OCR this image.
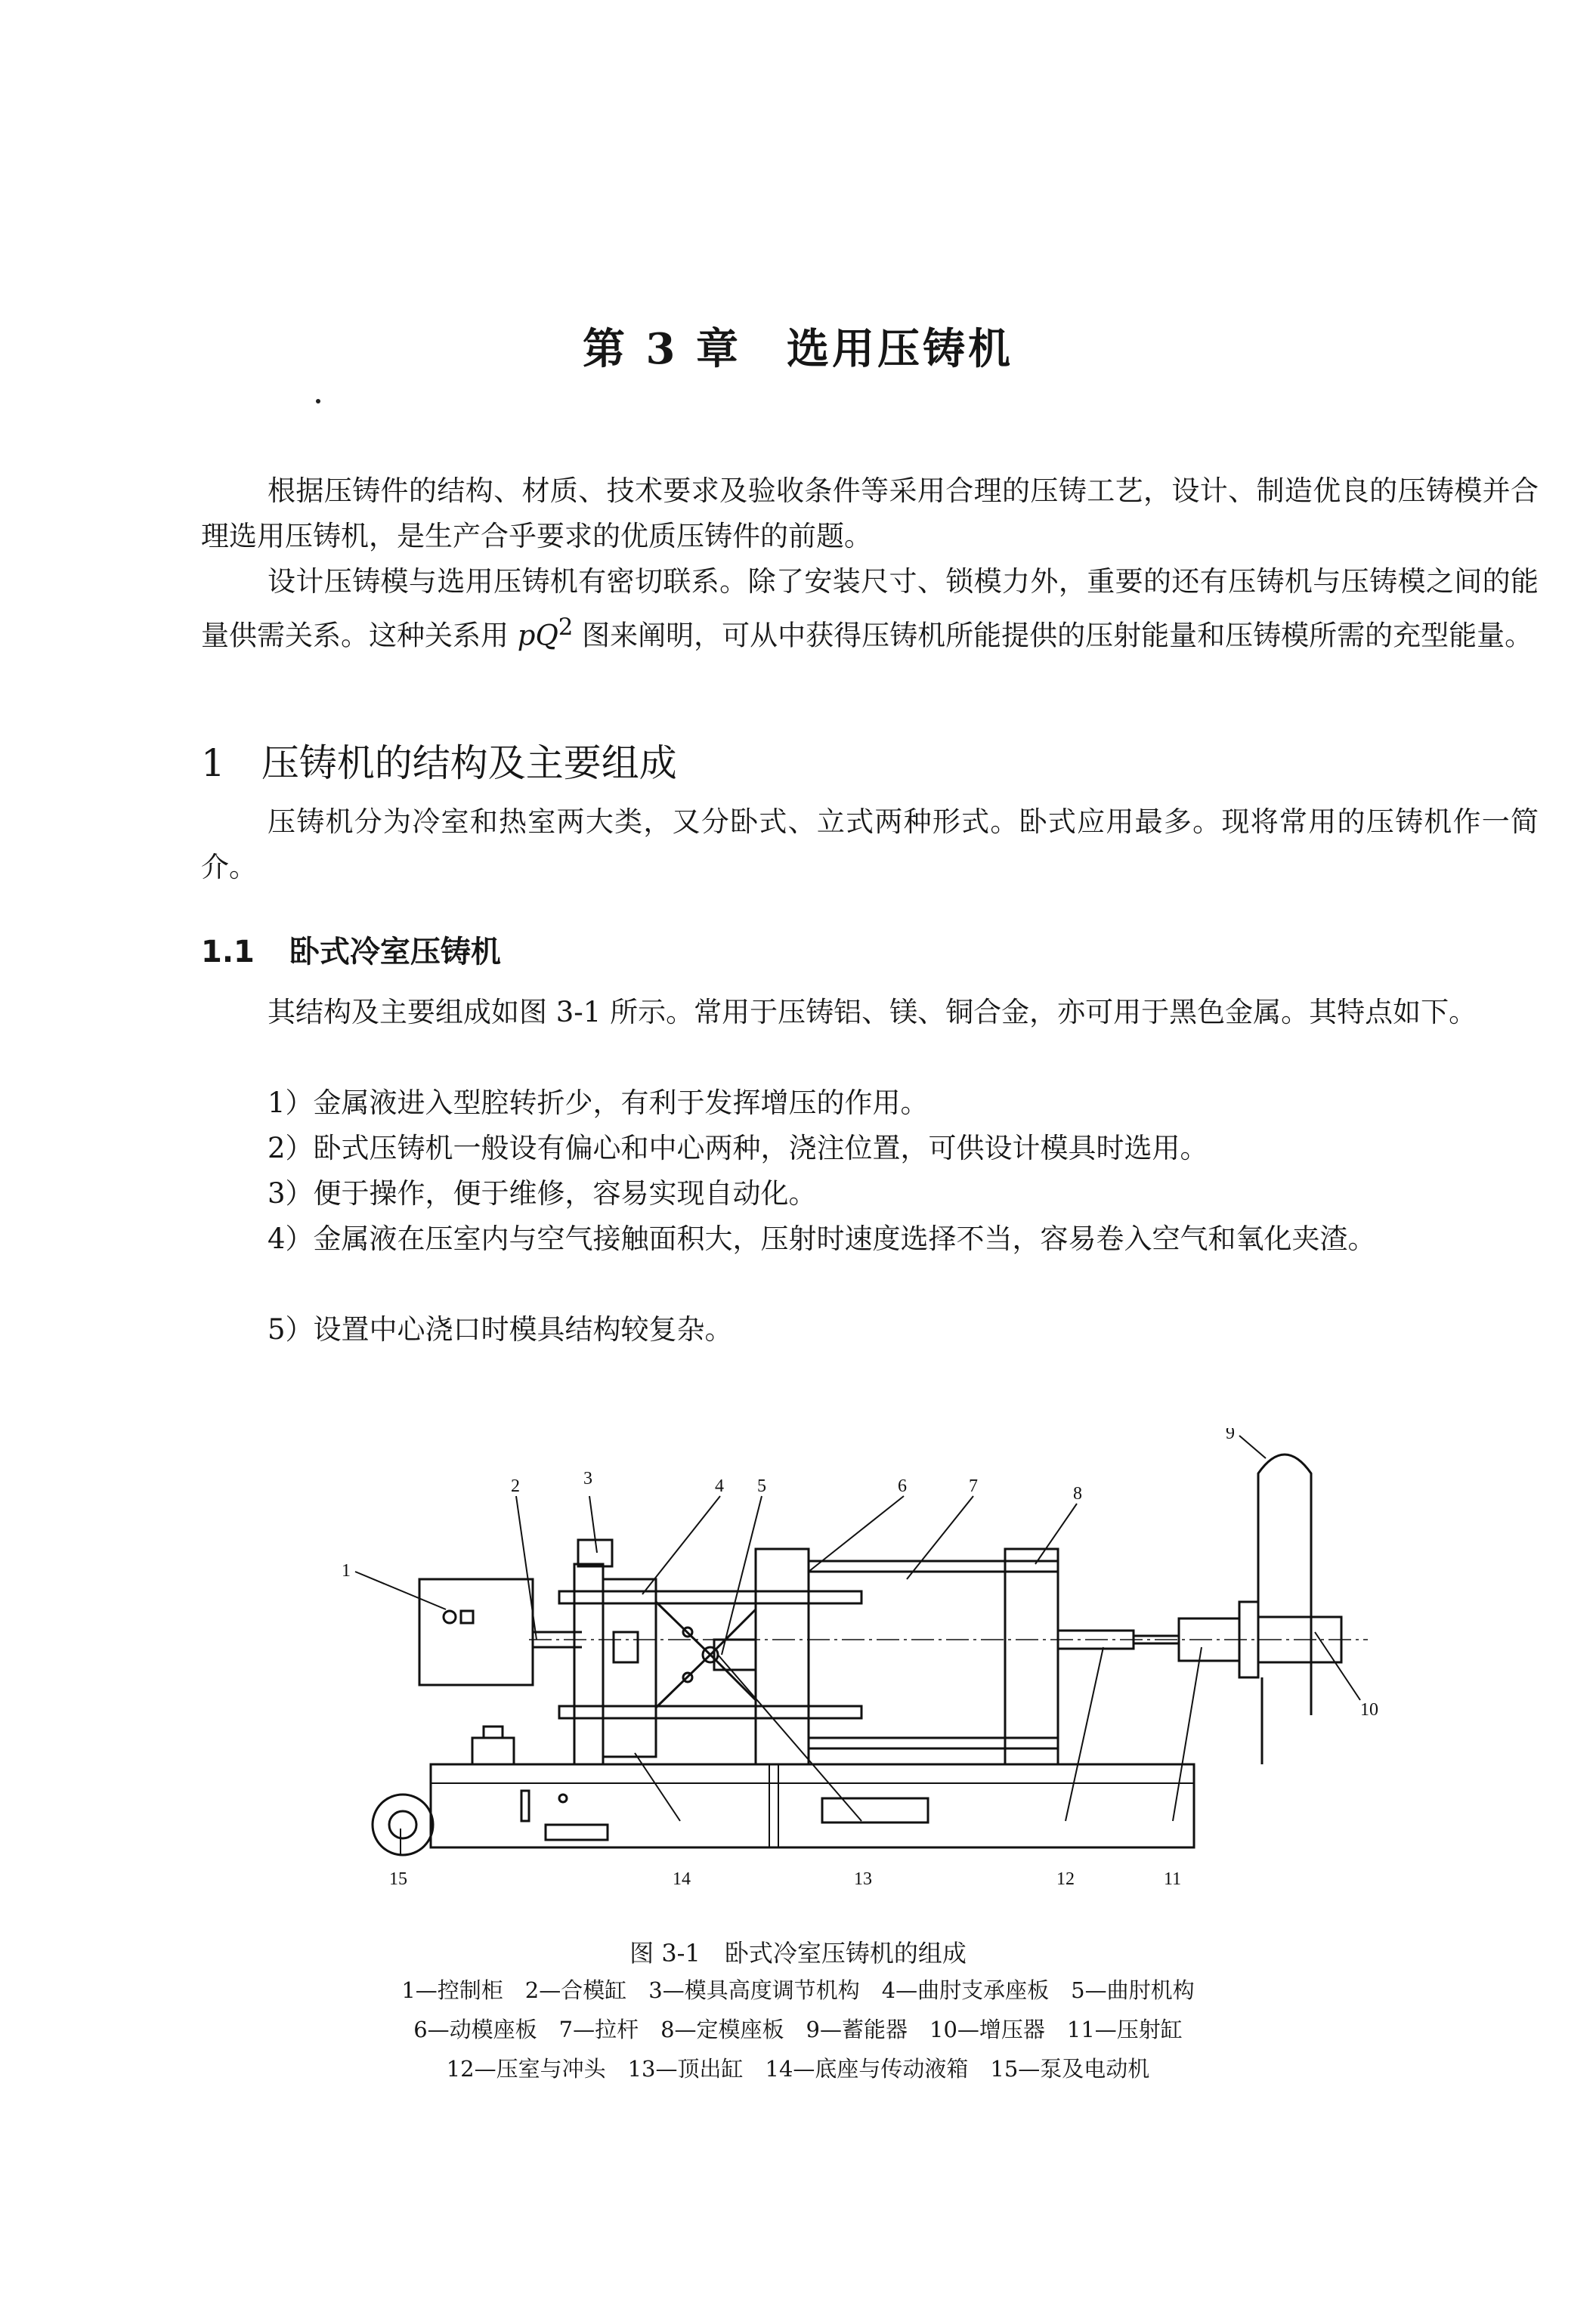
第 3 章 选用压铸机

根据压铸件的结构、材质、技术要求及验收条件等采用合理的压铸工艺，设计、制造优良的压铸模并合理选用压铸机，是生产合乎要求的优质压铸件的前题。

设计压铸模与选用压铸机有密切联系。除了安装尺寸、锁模力外，重要的还有压铸机与压铸模之间的能量供需关系。这种关系用 $pQ^2$ 图来阐明，可从中获得压铸机所能提供的压射能量和压铸模所需的充型能量。

1 压铸机的结构及主要组成

压铸机分为冷室和热室两大类，又分卧式、立式两种形式。卧式应用最多。现将常用的压铸机作一简介。

1.1 卧式冷室压铸机

其结构及主要组成如图 3-1 所示。常用于压铸铝、镁、铜合金，亦可用于黑色金属。其特点如下。

1）金属液进入型腔转折少，有利于发挥增压的作用。

2）卧式压铸机一般设有偏心和中心两种，浇注位置，可供设计模具时选用。

3）便于操作，便于维修，容易实现自动化。

4）金属液在压室内与空气接触面积大，压射时速度选择不当，容易卷入空气和氧化夹渣。

5）设置中心浇口时模具结构较复杂。

1
2	3	4 5	6	7	8
9
10
11
12
13
14
15
图 3-1　卧式冷室压铸机的组成
1—控制柜　2—合模缸　3—模具高度调节机构　4—曲肘支承座板　5—曲肘机构
6—动模座板　7—拉杆　8—定模座板　9—蓄能器　10—增压器　11—压射缸
12—压室与冲头　13—顶出缸　14—底座与传动液箱　15—泵及电动机
